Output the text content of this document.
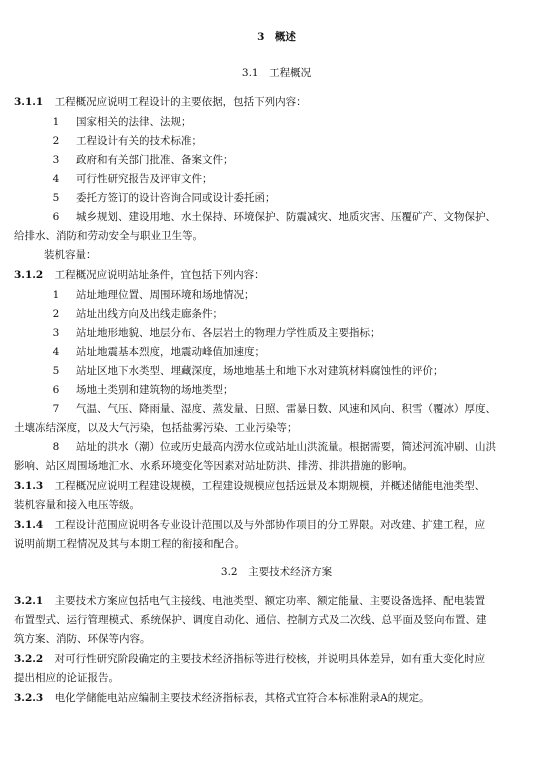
3　概述
3.1　工程概况
3.1.1 工程概况应说明工程设计的主要依据，包括下列内容：
1 国家相关的法律、法规；
2 工程设计有关的技术标准；
3 政府和有关部门批准、备案文件；
4 可行性研究报告及评审文件；
5 委托方签订的设计咨询合同或设计委托函；
6 城乡规划、建设用地、水土保持、环境保护、防震减灾、地质灾害、压覆矿产、文物保护、
给排水、消防和劳动安全与职业卫生等。
装机容量：
3.1.2 工程概况应说明站址条件，宜包括下列内容：
1 站址地理位置、周围环境和场地情况；
2 站址出线方向及出线走廊条件；
3 站址地形地貌、地层分布、各层岩土的物理力学性质及主要指标；
4 站址地震基本烈度，地震动峰值加速度；
5 站址区地下水类型、埋藏深度，场地地基土和地下水对建筑材料腐蚀性的评价；
6 场地土类别和建筑物的场地类型；
7 气温、气压、降雨量、湿度、蒸发量、日照、雷暴日数、风速和风向、积雪（覆冰）厚度、
土壤冻结深度，以及大气污染，包括盐雾污染、工业污染等；
8 站址的洪水（潮）位或历史最高内涝水位或站址山洪流量。根据需要，简述河流冲刷、山洪
影响、站区周围场地汇水、水系环境变化等因素对站址防洪、排涝、排洪措施的影响。
3.1.3 工程概况应说明工程建设规模，工程建设规模应包括远景及本期规模，并概述储能电池类型、
装机容量和接入电压等级。
3.1.4 工程设计范围应说明各专业设计范围以及与外部协作项目的分工界限。对改建、扩建工程，应
说明前期工程情况及其与本期工程的衔接和配合。
3.2　主要技术经济方案
3.2.1 主要技术方案应包括电气主接线、电池类型、额定功率、额定能量、主要设备选择、配电装置
布置型式、运行管理模式、系统保护、调度自动化、通信、控制方式及二次线、总平面及竖向布置、建
筑方案、消防、环保等内容。
3.2.2 对可行性研究阶段确定的主要技术经济指标等进行校核，并说明具体差异，如有重大变化时应
提出相应的论证报告。
3.2.3 电化学储能电站应编制主要技术经济指标表，其格式宜符合本标准附录A的规定。
